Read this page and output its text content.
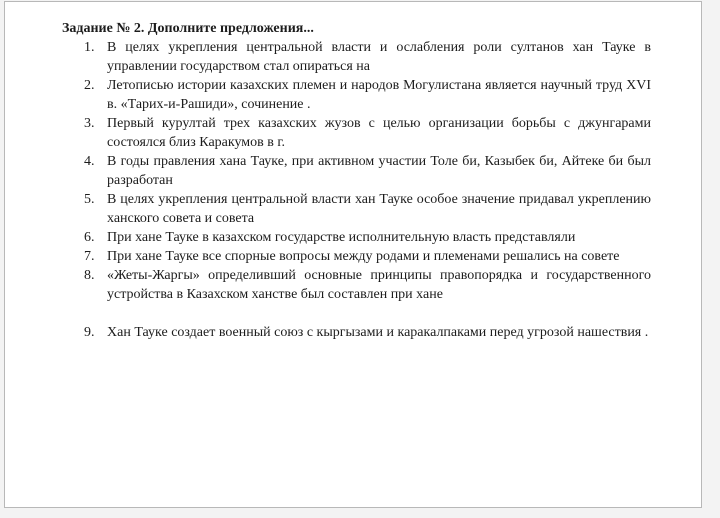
Задание № 2. Дополните предложения...
1. В целях укрепления центральной власти и ослабления роли султанов хан Тауке в управлении государством стал опираться на
2. Летописью истории казахских племен и народов Могулистана является научный труд XVI в. «Тарих-и-Рашиди», сочинение .
3. Первый курултай трех казахских жузов с целью организации борьбы с джунгарами состоялся близ Каракумов в г.
4. В годы правления хана Тауке, при активном участии Толе би, Казыбек би, Айтеке би был разработан
5. В целях укрепления центральной власти хан Тауке особое значение придавал укреплению ханского совета и совета
6. При хане Тауке в казахском государстве исполнительную власть представляли
7. При хане Тауке все спорные вопросы между родами и племенами решались на совете
8. «Жеты-Жаргы» определивший основные принципы правопорядка и государственного устройства в Казахском ханстве был составлен при хане
9. Хан Тауке создает военный союз с кыргызами и каракалпаками перед угрозой нашествия .
